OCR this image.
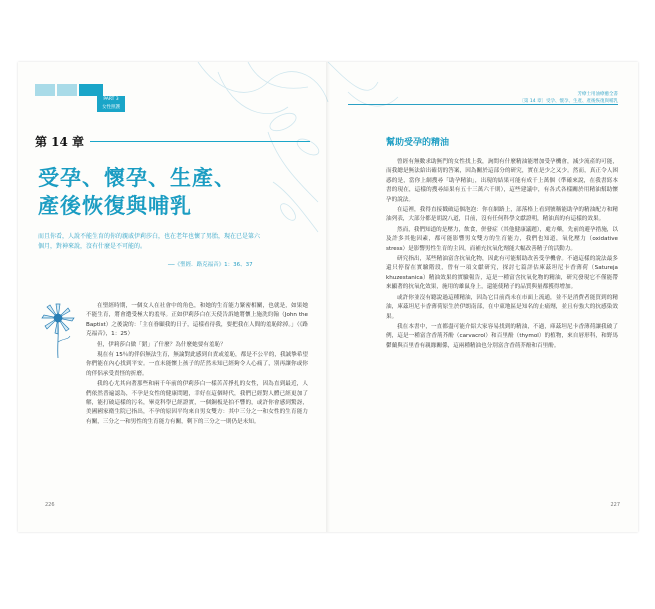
PART 3
女性照護
第 14 章
受孕、懷孕、生產、
產後恢復與哺乳
而且你看，人說不能生育的你的親戚伊莉莎白，也在老年也懷了男胎，現在已是第六個月，對神來說，沒有什麼是不可能的。
──《聖經．路克福音》1：36、37

在聖經時期，一個女人在社會中的角色，和她的生育能力緊密相關，也就是，如果她不能生育，將會遭受極大的羞辱。正如伊莉莎白在天使告訴她將懷上施洗約翰（John the Baptist）之後說的：「主在眷顧我的日子，這樣看待我，要把我在人間的羞恥除掉。」（《路克福音》，1：25）

但，伊莉莎白做「錯」了什麼？為什麼她要有羞恥？

現在有 15％的伴侶無法生育，無論對此感到自責或羞恥，都是不公平的，我誠摯希望你們能在內心找到平安。一直未能懷上孩子的茫然未知已經夠令人心痛了，別再讓你或你的伴侶承受責怪的折磨。

我的心尤其向著那些和兩千年前的伊莉莎白一樣苦苦掙扎的女性，因為直到最近，人們依然普遍認為，不孕是女性的健康問題，幸好在這個時代，我們已經對人體已經更加了解，能打破這樣的污名，畢竟科學已經證實，一個銅板是拍不響的，或許你會感到驚訝，美國國家衛生院已指出，不孕的原因平均來自男女雙方：其中三分之一和女性的生育能力有關，三分之一和男性的生育能力有關，剩下的三分之一則仍是未知。

226
芳療士用油療癒全書
〔第 14 章〕受孕、懷孕、生產、產後恢復與哺乳
幫助受孕的精油

曾經有無數求助無門的女性找上我，詢問有什麼精油能增加受孕機會，減少流產的可能，而我總是無法給出確切的答案，因為關於這部分的研究，實在是少之又少。然而，真正令人困惑的是，當你上網搜尋「助孕精油」，出現的結果可能有成千上萬個（準確來說，在我書寫本書的現在，這樣的搜尋結果有五十三萬六千則），這些建議中，有各式各樣關於用精油幫助懷孕的說法。

在這裡，我得直接戳破這個泡泡：你在網路上，部落格上看到號稱能助孕的精油配方和精油列表，大部分都是胡說八道，目前，沒有任何科學文獻證明，精油真的有這樣的效果。

然而，我們知道的是壓力，飲食，併發症（其他健康議題），處方藥，先前的避孕措施，以及許多其他因素，都可能影響男女雙方的生育能力，我們也知道，氧化壓力（oxidative stress）是影響男性生育的主因，而補充抗氧化劑能大幅改善精子的活動力。

研究指出，某些精油富含抗氧化物，因此有可能幫助改善受孕機會。不過這樣的說法最多還只停留在實驗階段，曾有一項文獻研究，探討七篇評估庫茲坦尼卡香薄荷（Satureja khuzestanica）精油效果的實驗報告，這是一種富含抗氧化物的精油，研究發現它不僅能帶來顯著的抗氧化效果，施用的雄鼠身上，還能使精子的品質與量都獲得增加。

或許你並沒有聽說過這種精油，因為它目前尚未在市面上流通，並不是消費者能買到的精油，庫茲坦尼卡香薄荷原生於伊朗南部，在中東地區是知名的止痛劑，並且有強大的抗感染效果。

我在本書中，一直都盡可能介紹大家容易找到的精油，不過，庫茲坦尼卡香薄荷讓我破了例，這是一種富含香荊芥酚（carvacrol）和百里酚（thymol）的植物，來自唇形科，和野馬鬱蘭與百里香有親緣關係，這兩種精油也分別富含香荊芥酚和百里酚。

227
